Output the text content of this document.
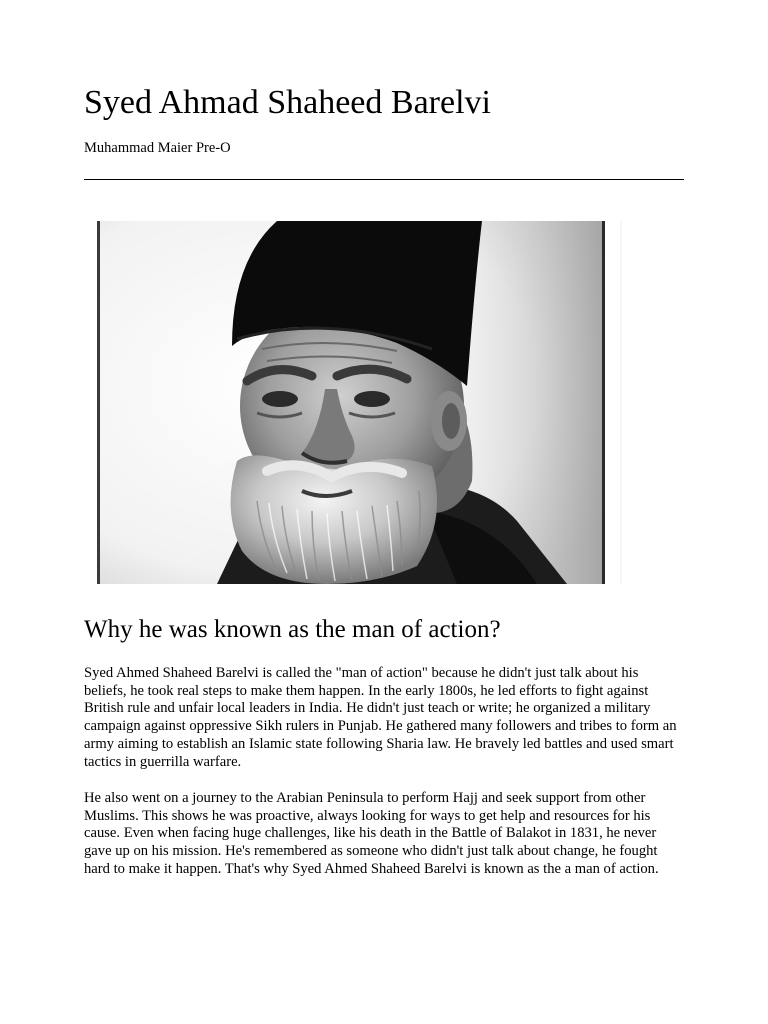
Syed Ahmad Shaheed Barelvi

Muhammad Maier Pre-O

Why he was known as the man of action?

Syed Ahmed Shaheed Barelvi is called the "man of action" because he didn't just talk about his beliefs, he took real steps to make them happen. In the early 1800s, he led efforts to fight against British rule and unfair local leaders in India. He didn't just teach or write; he organized a military campaign against oppressive Sikh rulers in Punjab. He gathered many followers and tribes to form an army aiming to establish an Islamic state following Sharia law. He bravely led battles and used smart tactics in guerrilla warfare.

He also went on a journey to the Arabian Peninsula to perform Hajj and seek support from other Muslims. This shows he was proactive, always looking for ways to get help and resources for his cause. Even when facing huge challenges, like his death in the Battle of Balakot in 1831, he never gave up on his mission. He's remembered as someone who didn't just talk about change, he fought hard to make it happen. That's why Syed Ahmed Shaheed Barelvi is known as the a man of action.
